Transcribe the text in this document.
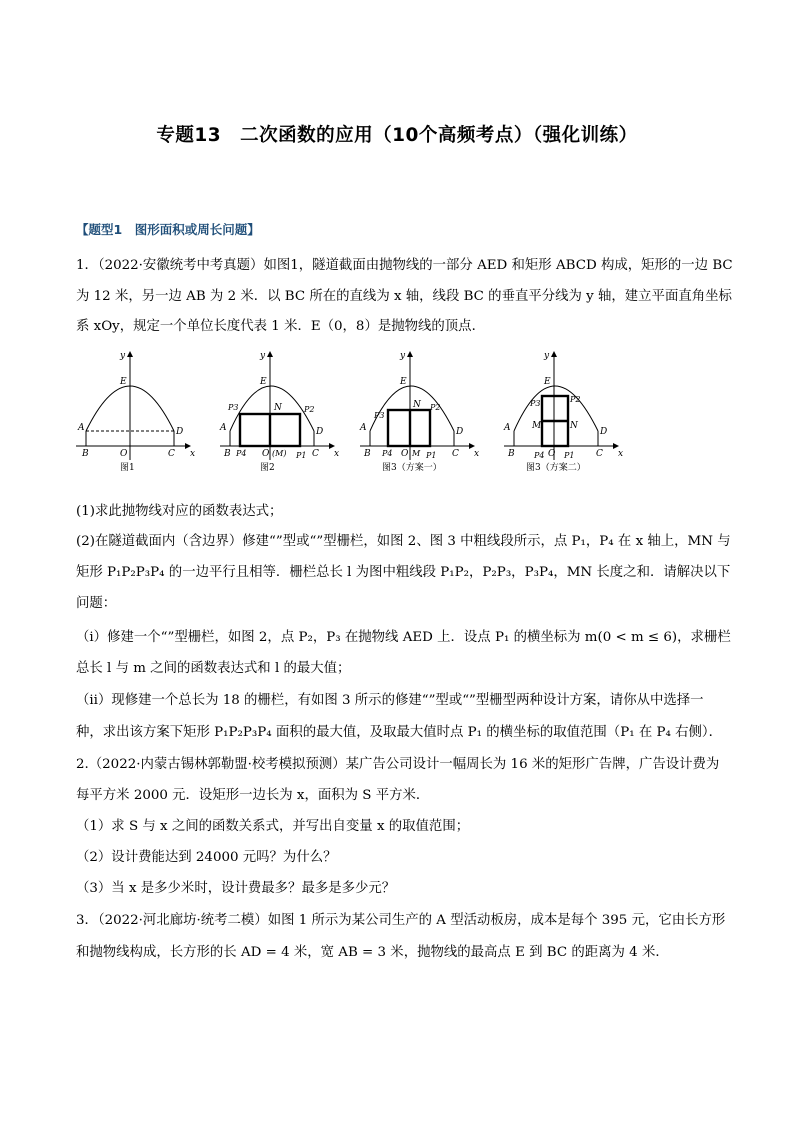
专题13　二次函数的应用（10个高频考点）（强化训练）
【题型1　图形面积或周长问题】
1．（2022·安徽统考中考真题）如图1，隧道截面由抛物线的一部分 AED 和矩形 ABCD 构成，矩形的一边 BC
为 12 米，另一边 AB 为 2 米．以 BC 所在的直线为 x 轴，线段 BC 的垂直平分线为 y 轴，建立平面直角坐标
系 xOy，规定一个单位长度代表 1 米．E（0，8）是抛物线的顶点．
y
E
A	D
B	O	C x
图1
y
E
N
P3	P2
A	D
B P4 O (M) P1 C x
图2
y
E
N
P3
P2
A	D
B P4 O M P1 C x
图3（方案一）
y
E
P3	P2
M	N
A	D
B P4 O P1 C x
图3（方案二）
(1)求此抛物线对应的函数表达式；
(2)在隧道截面内（含边界）修建“”型或“”型栅栏，如图 2、图 3 中粗线段所示，点 P₁，P₄ 在 x 轴上，MN 与
矩形 P₁P₂P₃P₄ 的一边平行且相等．栅栏总长 l 为图中粗线段 P₁P₂，P₂P₃，P₃P₄，MN 长度之和．请解决以下
问题：
（ⅰ）修建一个“”型栅栏，如图 2，点 P₂，P₃ 在抛物线 AED 上．设点 P₁ 的横坐标为 m(0 < m ≤ 6)，求栅栏
总长 l 与 m 之间的函数表达式和 l 的最大值；
（ⅱ）现修建一个总长为 18 的栅栏，有如图 3 所示的修建“”型或“”型栅型两种设计方案，请你从中选择一
种，求出该方案下矩形 P₁P₂P₃P₄ 面积的最大值，及取最大值时点 P₁ 的横坐标的取值范围（P₁ 在 P₄ 右侧）．
2.（2022·内蒙古锡林郭勒盟·校考模拟预测）某广告公司设计一幅周长为 16 米的矩形广告牌，广告设计费为
每平方米 2000 元．设矩形一边长为 x，面积为 S 平方米．
（1）求 S 与 x 之间的函数关系式，并写出自变量 x 的取值范围；
（2）设计费能达到 24000 元吗？为什么？
（3）当 x 是多少米时，设计费最多？最多是多少元？
3．（2022·河北廊坊·统考二模）如图 1 所示为某公司生产的 A 型活动板房，成本是每个 395 元，它由长方形
和抛物线构成，长方形的长 AD = 4 米，宽 AB = 3 米，抛物线的最高点 E 到 BC 的距离为 4 米．
